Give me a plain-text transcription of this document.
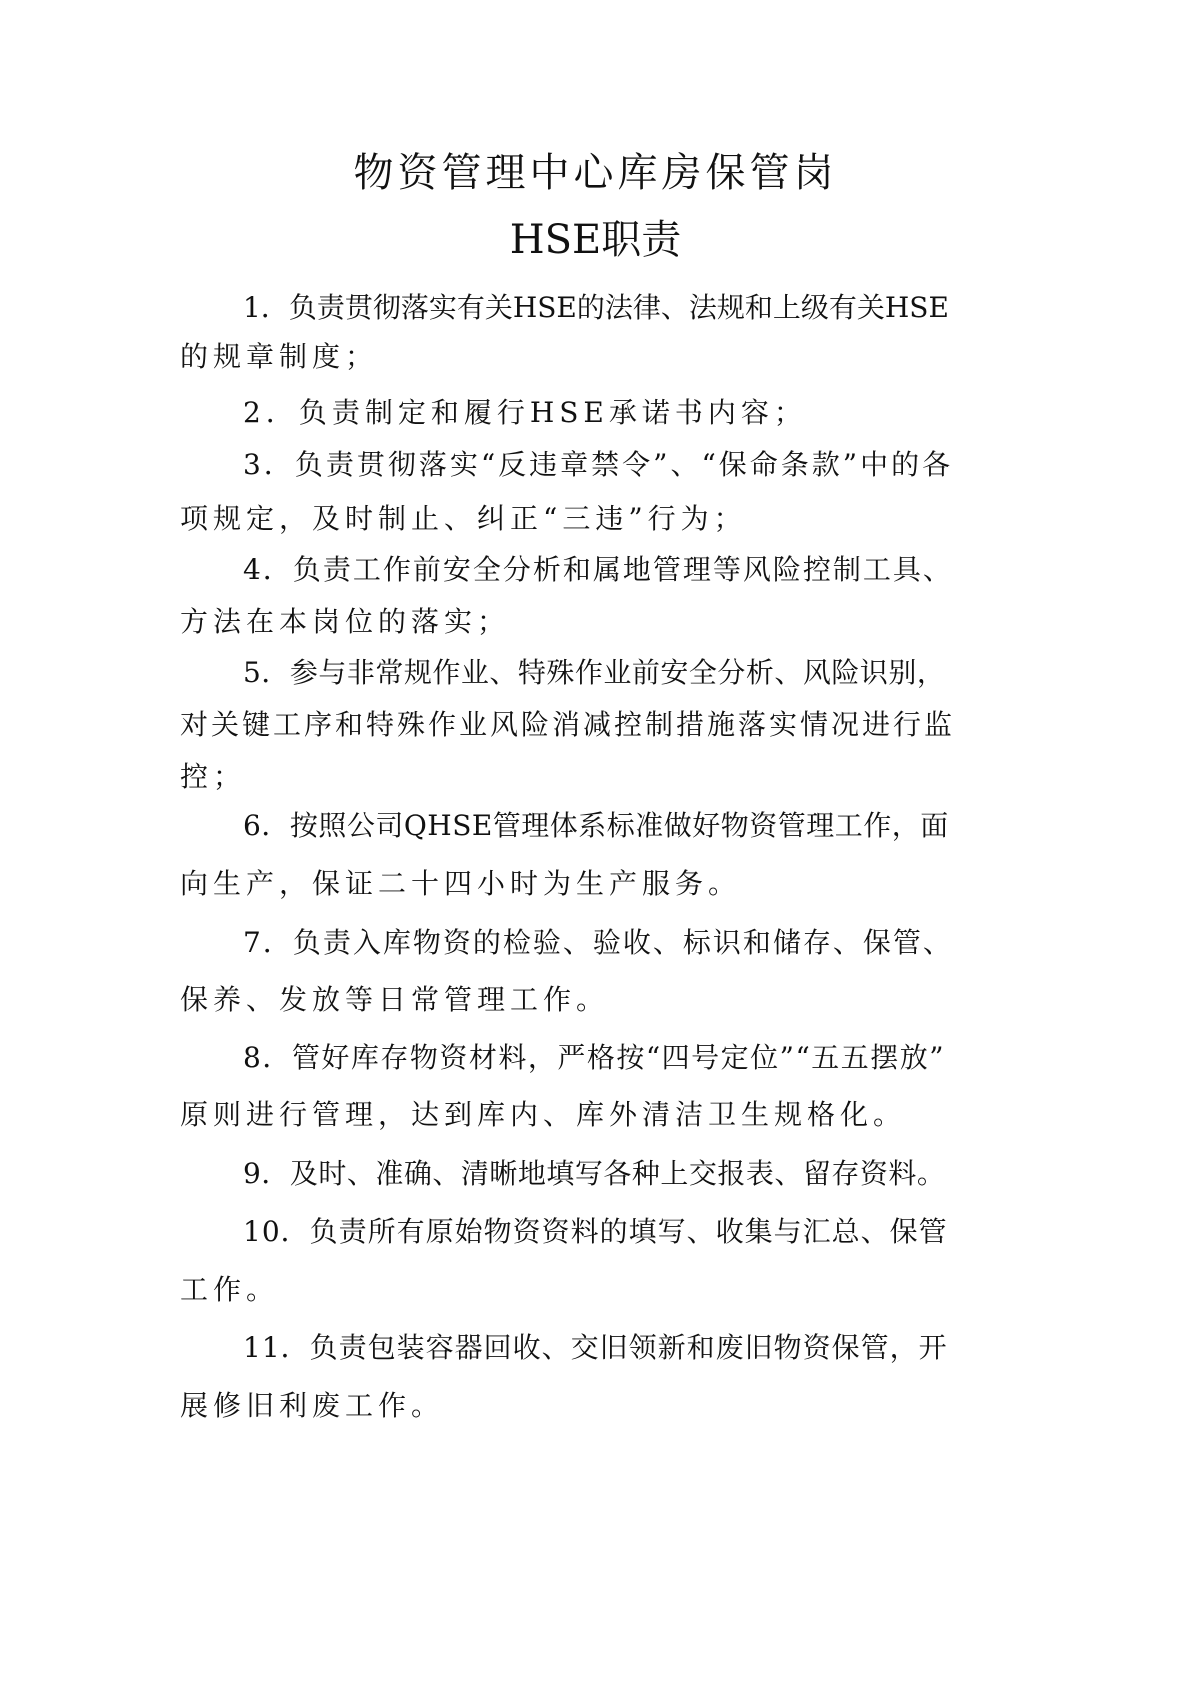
物资管理中心库房保管岗
HSE职责
1．负责贯彻落实有关HSE的法律、法规和上级有关HSE
的规章制度；
2．负责制定和履行HSE承诺书内容；
3．负责贯彻落实“反违章禁令”、“保命条款”中的各
项规定，及时制止、纠正“三违”行为；
4．负责工作前安全分析和属地管理等风险控制工具、
方法在本岗位的落实；
5．参与非常规作业、特殊作业前安全分析、风险识别，
对关键工序和特殊作业风险消减控制措施落实情况进行监
控；
6．按照公司QHSE管理体系标准做好物资管理工作，面
向生产，保证二十四小时为生产服务。
7．负责入库物资的检验、验收、标识和储存、保管、
保养、发放等日常管理工作。
8．管好库存物资材料，严格按“四号定位”“五五摆放”
原则进行管理，达到库内、库外清洁卫生规格化。
9．及时、准确、清晰地填写各种上交报表、留存资料。
10．负责所有原始物资资料的填写、收集与汇总、保管
工作。
11．负责包装容器回收、交旧领新和废旧物资保管，开
展修旧利废工作。
